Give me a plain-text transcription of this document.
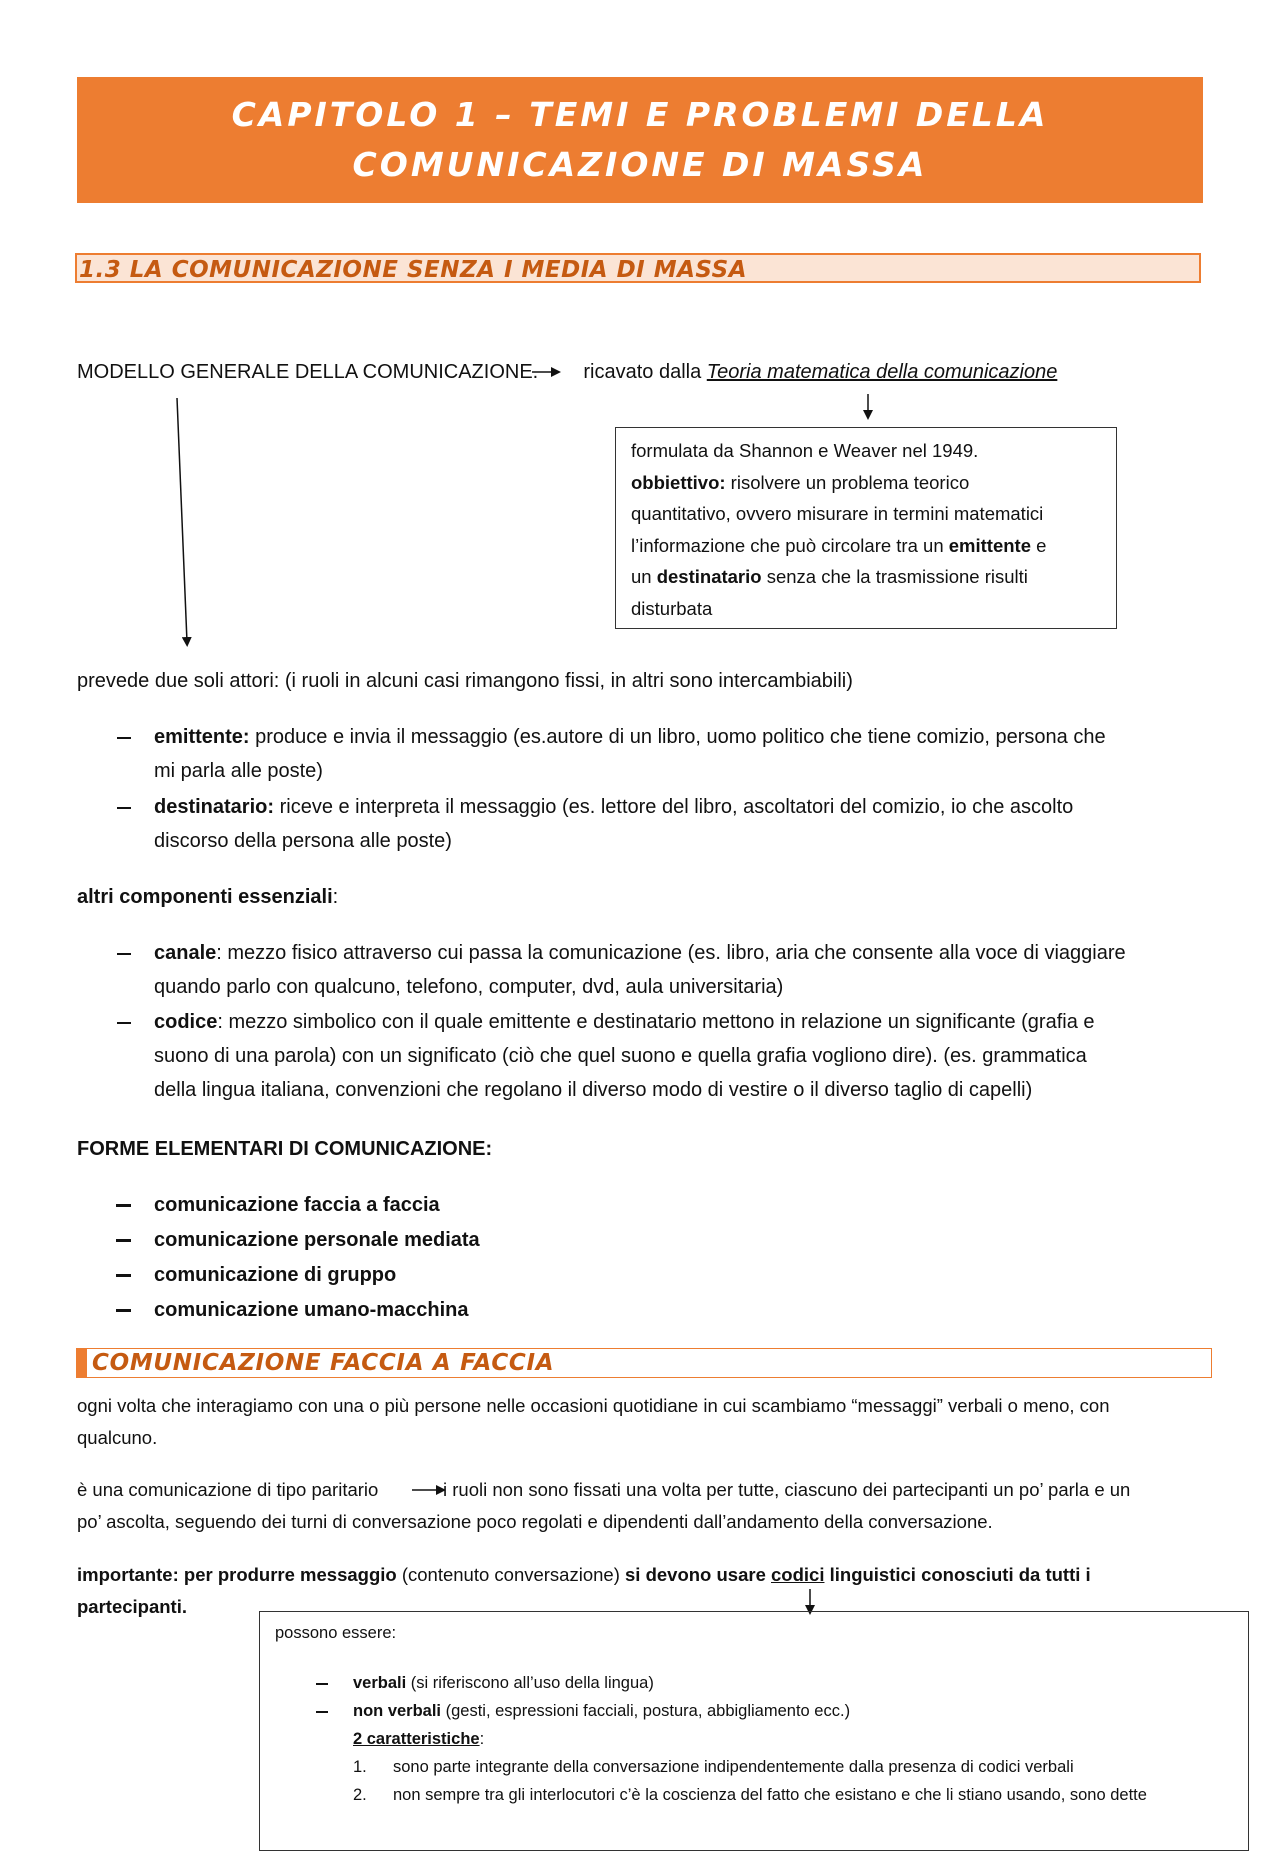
CAPITOLO 1 – TEMI E PROBLEMI DELLA
COMUNICAZIONE DI MASSA
1.3 LA COMUNICAZIONE SENZA I MEDIA DI MASSA
MODELLO GENERALE DELLA COMUNICAZIONE. ricavato dalla Teoria matematica della comunicazione
formulata da Shannon e Weaver nel 1949.
obbiettivo: risolvere un problema teorico
quantitativo, ovvero misurare in termini matematici
l’informazione che può circolare tra un emittente e
un destinatario senza che la trasmissione risulti
disturbata
prevede due soli attori: (i ruoli in alcuni casi rimangono fissi, in altri sono intercambiabili)
emittente: produce e invia il messaggio (es.autore di un libro, uomo politico che tiene comizio, persona che
mi parla alle poste)
destinatario: riceve e interpreta il messaggio (es. lettore del libro, ascoltatori del comizio, io che ascolto
discorso della persona alle poste)
altri componenti essenziali:
canale: mezzo fisico attraverso cui passa la comunicazione (es. libro, aria che consente alla voce di viaggiare
quando parlo con qualcuno, telefono, computer, dvd, aula universitaria)
codice: mezzo simbolico con il quale emittente e destinatario mettono in relazione un significante (grafia e
suono di una parola) con un significato (ciò che quel suono e quella grafia vogliono dire). (es. grammatica
della lingua italiana, convenzioni che regolano il diverso modo di vestire o il diverso taglio di capelli)
FORME ELEMENTARI DI COMUNICAZIONE:
comunicazione faccia a faccia
comunicazione personale mediata
comunicazione di gruppo
comunicazione umano-macchina
COMUNICAZIONE FACCIA A FACCIA
ogni volta che interagiamo con una o più persone nelle occasioni quotidiane in cui scambiamo “messaggi” verbali o meno, con
qualcuno.
è una comunicazione di tipo paritario	i ruoli non sono fissati una volta per tutte, ciascuno dei partecipanti un po’ parla e un
po’ ascolta, seguendo dei turni di conversazione poco regolati e dipendenti dall’andamento della conversazione.
importante: per produrre messaggio (contenuto conversazione) si devono usare codici linguistici conosciuti da tutti i
partecipanti.
possono essere:
verbali (si riferiscono all’uso della lingua)
non verbali (gesti, espressioni facciali, postura, abbigliamento ecc.)
2 caratteristiche:
1. sono parte integrante della conversazione indipendentemente dalla presenza di codici verbali
2. non sempre tra gli interlocutori c’è la coscienza del fatto che esistano e che li stiano usando, sono dette
